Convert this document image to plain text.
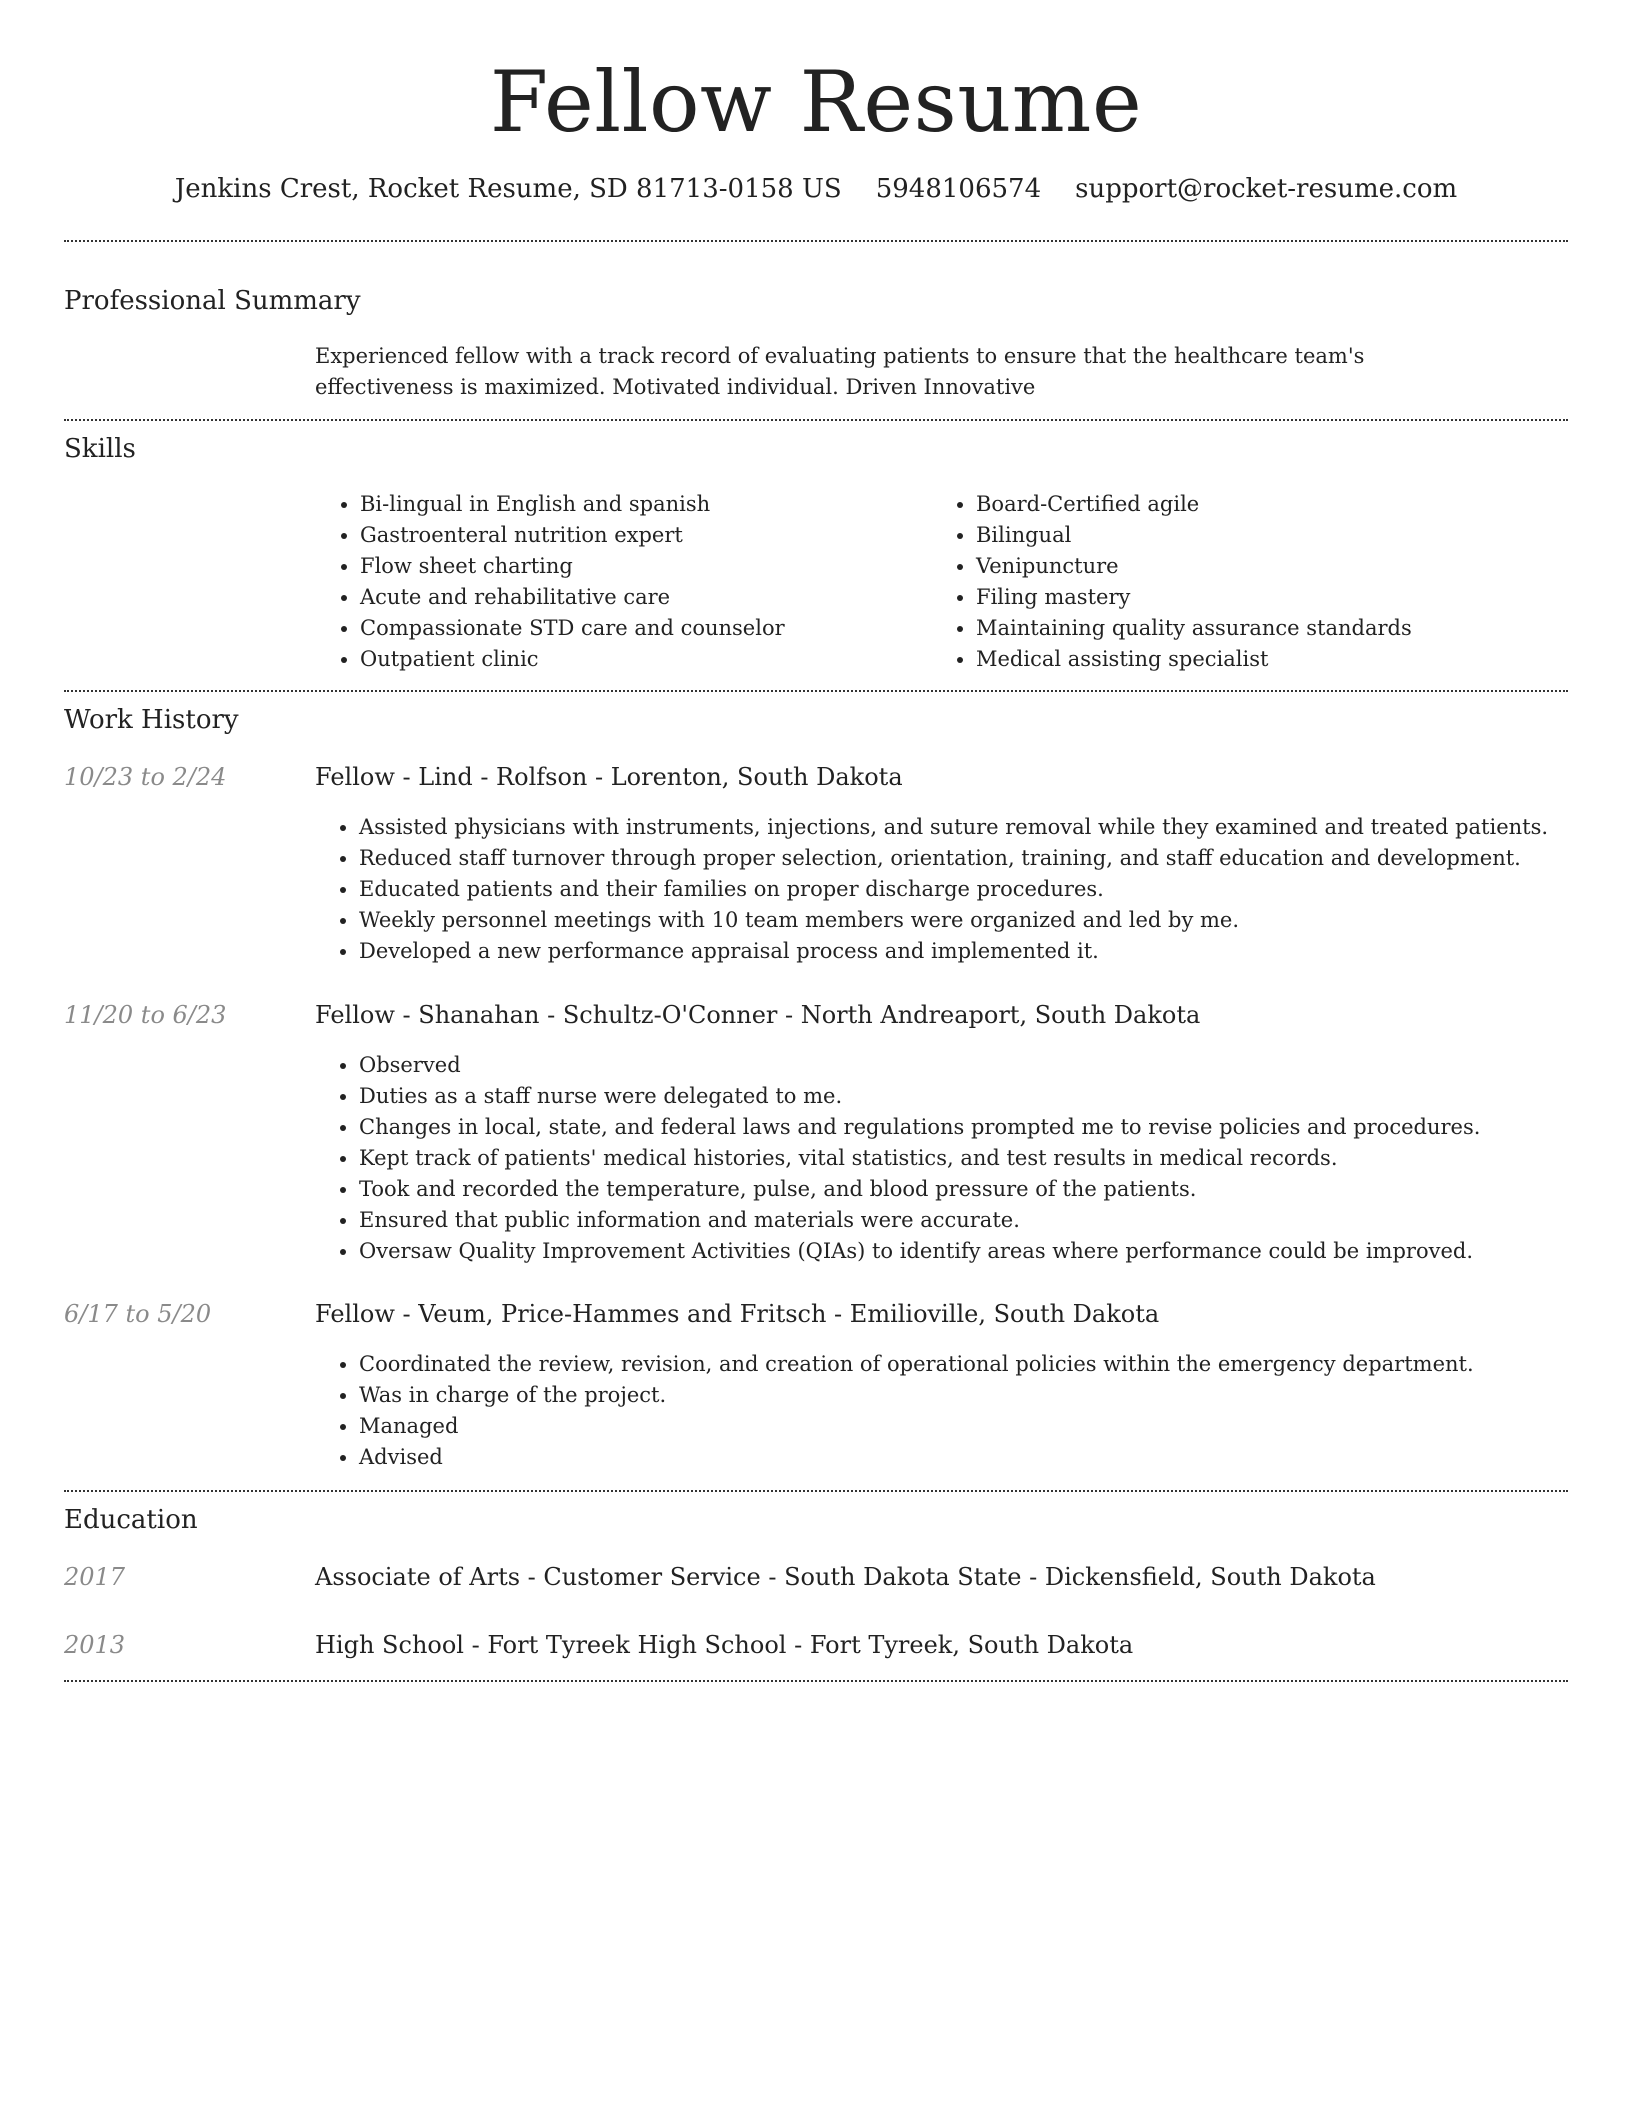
Fellow Resume
Jenkins Crest, Rocket Resume, SD 81713-0158 US 5948106574 support@rocket-resume.com
Professional Summary
Experienced fellow with a track record of evaluating patients to ensure that the healthcare team's effectiveness is maximized. Motivated individual. Driven Innovative
Skills
• Bi-lingual in English and spanish
• Gastroenteral nutrition expert
• Flow sheet charting
• Acute and rehabilitative care
• Compassionate STD care and counselor
• Outpatient clinic
• Board-Certified agile
• Bilingual
• Venipuncture
• Filing mastery
• Maintaining quality assurance standards
• Medical assisting specialist
Work History
10/23 to 2/24	Fellow - Lind - Rolfson - Lorenton, South Dakota
• Assisted physicians with instruments, injections, and suture removal while they examined and treated patients.
• Reduced staff turnover through proper selection, orientation, training, and staff education and development.
• Educated patients and their families on proper discharge procedures.
• Weekly personnel meetings with 10 team members were organized and led by me.
• Developed a new performance appraisal process and implemented it.
11/20 to 6/23	Fellow - Shanahan - Schultz-O'Conner - North Andreaport, South Dakota
• Observed
• Duties as a staff nurse were delegated to me.
• Changes in local, state, and federal laws and regulations prompted me to revise policies and procedures.
• Kept track of patients' medical histories, vital statistics, and test results in medical records.
• Took and recorded the temperature, pulse, and blood pressure of the patients.
• Ensured that public information and materials were accurate.
• Oversaw Quality Improvement Activities (QIAs) to identify areas where performance could be improved.
6/17 to 5/20	Fellow - Veum, Price-Hammes and Fritsch - Emilioville, South Dakota
• Coordinated the review, revision, and creation of operational policies within the emergency department.
• Was in charge of the project.
• Managed
• Advised
Education
2017	Associate of Arts - Customer Service - South Dakota State - Dickensfield, South Dakota
2013	High School - Fort Tyreek High School - Fort Tyreek, South Dakota
